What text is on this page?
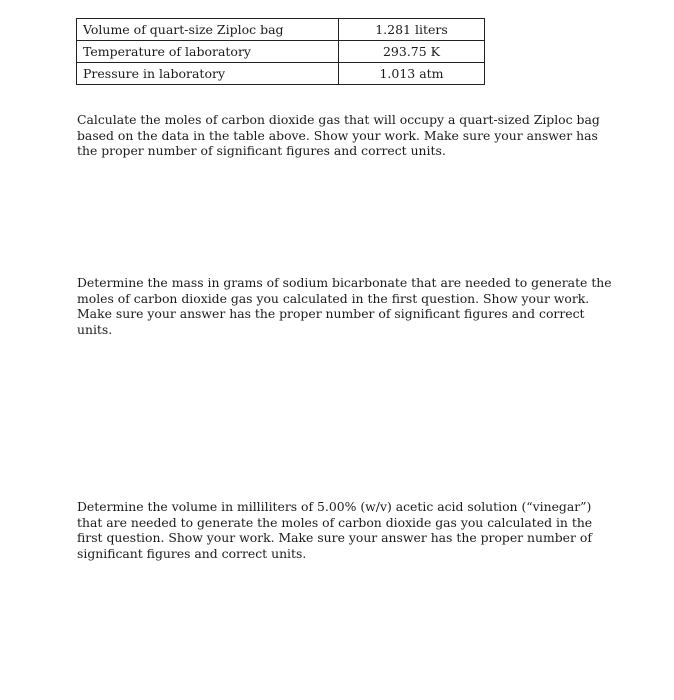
Volume of quart-size Ziploc bag	1.281 liters
Temperature of laboratory	293.75 K
Pressure in laboratory	1.013 atm

Calculate the moles of carbon dioxide gas that will occupy a quart-sized Ziploc bag based on the data in the table above. Show your work. Make sure your answer has the proper number of significant figures and correct units.

Determine the mass in grams of sodium bicarbonate that are needed to generate the moles of carbon dioxide gas you calculated in the first question. Show your work. Make sure your answer has the proper number of significant figures and correct units.

Determine the volume in milliliters of 5.00% (w/v) acetic acid solution (“vinegar”) that are needed to generate the moles of carbon dioxide gas you calculated in the first question. Show your work. Make sure your answer has the proper number of significant figures and correct units.
